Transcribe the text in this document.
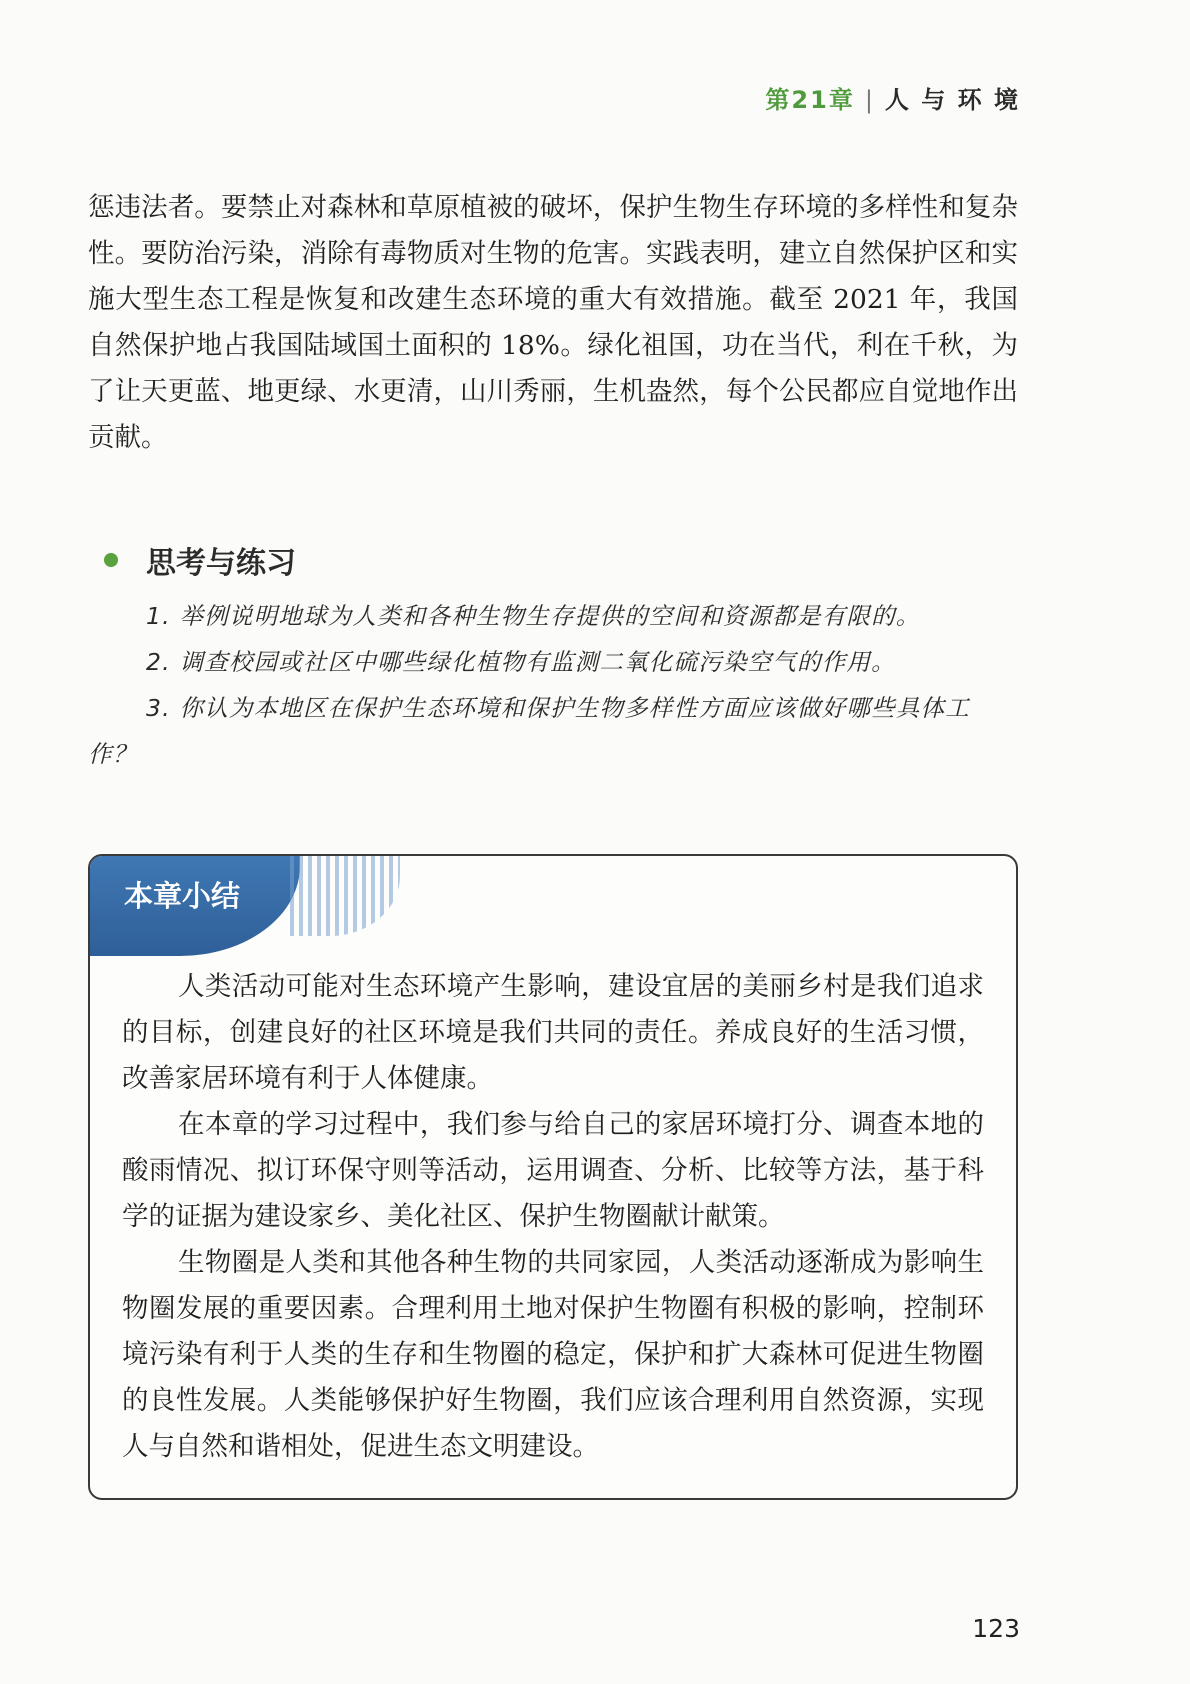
第21章 | 人 与 环 境

惩违法者。要禁止对森林和草原植被的破坏，保护生物生存环境的多样性和复杂性。要防治污染，消除有毒物质对生物的危害。实践表明，建立自然保护区和实施大型生态工程是恢复和改建生态环境的重大有效措施。截至 2021 年，我国自然保护地占我国陆域国土面积的 18%。绿化祖国，功在当代，利在千秋，为了让天更蓝、地更绿、水更清，山川秀丽，生机盎然，每个公民都应自觉地作出贡献。

思考与练习
1. 举例说明地球为人类和各种生物生存提供的空间和资源都是有限的。
2. 调查校园或社区中哪些绿化植物有监测二氧化硫污染空气的作用。
3. 你认为本地区在保护生态环境和保护生物多样性方面应该做好哪些具体工作？
本章小结

人类活动可能对生态环境产生影响，建设宜居的美丽乡村是我们追求的目标，创建良好的社区环境是我们共同的责任。养成良好的生活习惯，改善家居环境有利于人体健康。

在本章的学习过程中，我们参与给自己的家居环境打分、调查本地的酸雨情况、拟订环保守则等活动，运用调查、分析、比较等方法，基于科学的证据为建设家乡、美化社区、保护生物圈献计献策。

生物圈是人类和其他各种生物的共同家园，人类活动逐渐成为影响生物圈发展的重要因素。合理利用土地对保护生物圈有积极的影响，控制环境污染有利于人类的生存和生物圈的稳定，保护和扩大森林可促进生物圈的良性发展。人类能够保护好生物圈，我们应该合理利用自然资源，实现人与自然和谐相处，促进生态文明建设。

123
